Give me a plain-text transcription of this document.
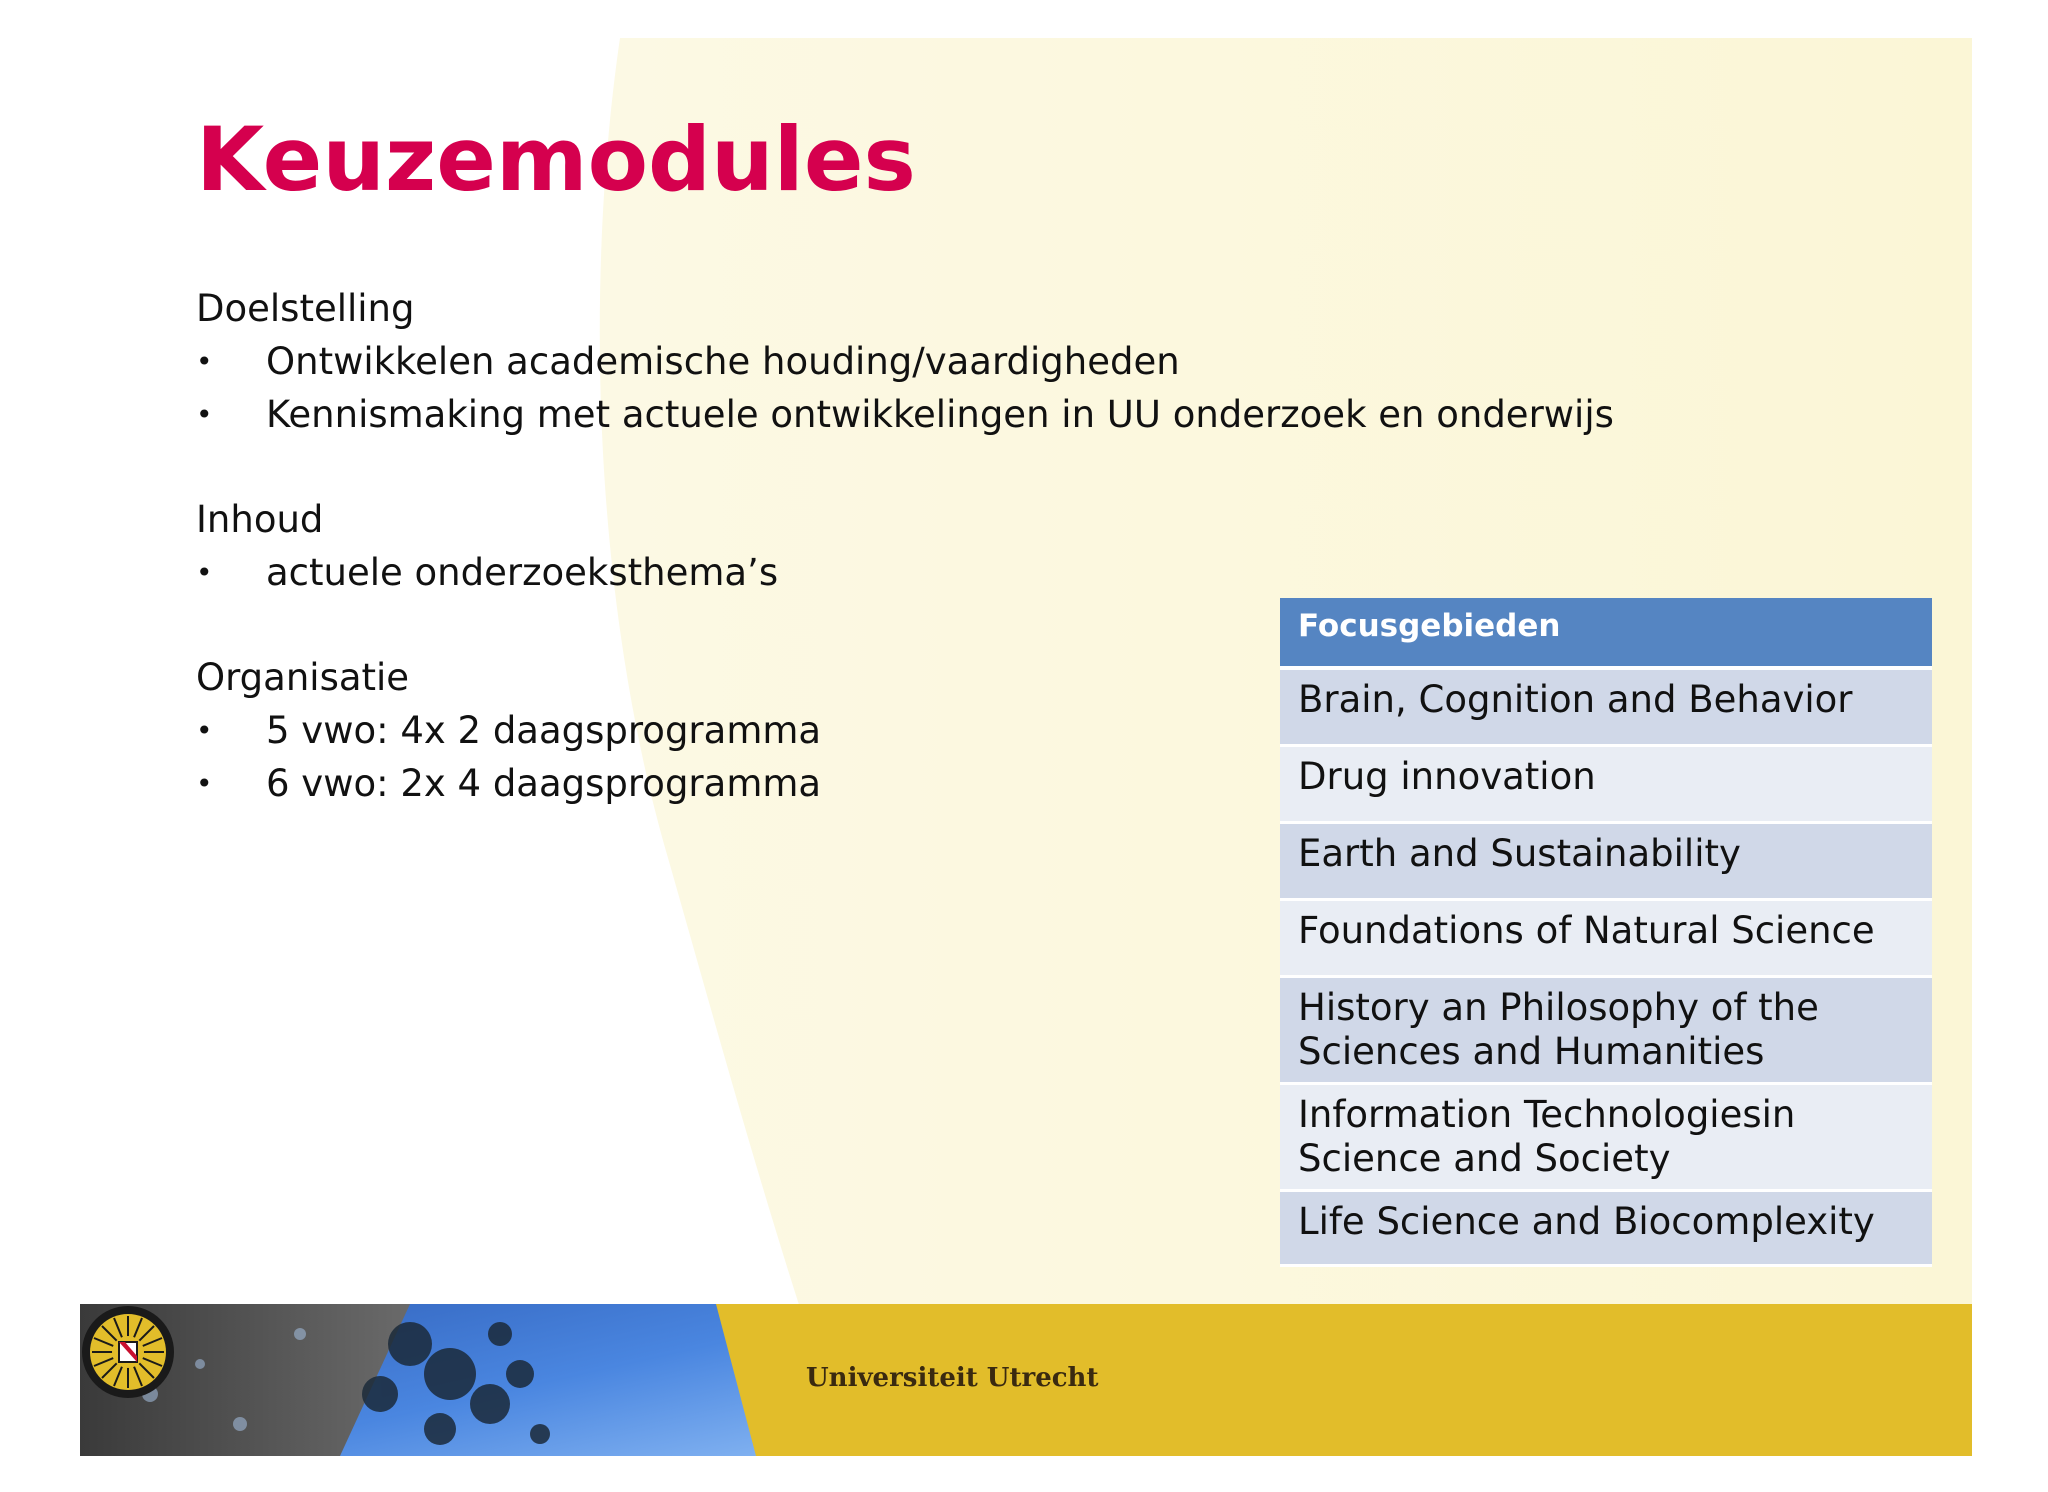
Keuzemodules
Doelstelling
• Ontwikkelen academische houding/vaardigheden
• Kennismaking met actuele ontwikkelingen in UU onderzoek en onderwijs
Inhoud
• actuele onderzoeksthema’s
Organisatie
• 5 vwo: 4x 2 daagsprogramma
• 6 vwo: 2x 4 daagsprogramma
Focusgebieden
Brain, Cognition and Behavior
Drug innovation
Earth and Sustainability
Foundations of Natural Science
History an Philosophy of the Sciences and Humanities
Information Technologiesin Science and Society
Life Science and Biocomplexity
Universiteit Utrecht
